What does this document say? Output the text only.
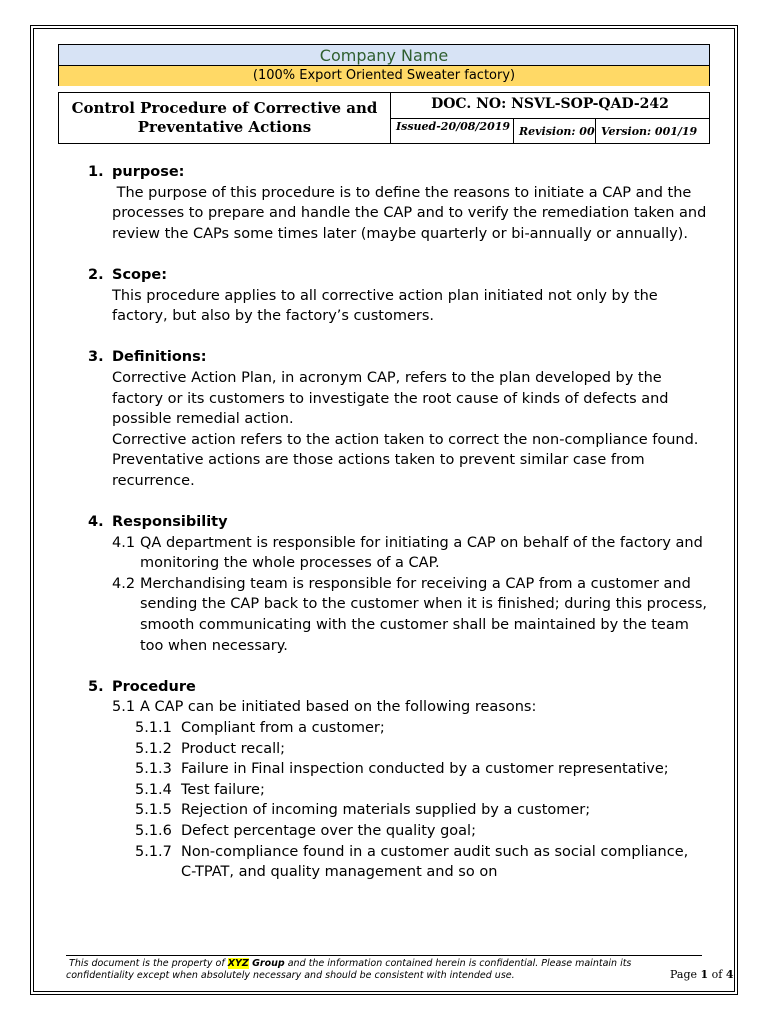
Company Name
(100% Export Oriented Sweater factory)
Control Procedure of Corrective and
Preventative Actions
DOC. NO: NSVL-SOP-QAD-242
Issued-20/08/2019 Revision: 00 Version: 001/19
1. purpose:
The purpose of this procedure is to define the reasons to initiate a CAP and the processes to prepare and handle the CAP and to verify the remediation taken and review the CAPs some times later (maybe quarterly or bi-annually or annually).
2. Scope:
This procedure applies to all corrective action plan initiated not only by the factory, but also by the factory’s customers.
3. Definitions:
Corrective Action Plan, in acronym CAP, refers to the plan developed by the factory or its customers to investigate the root cause of kinds of defects and possible remedial action.
Corrective action refers to the action taken to correct the non-compliance found.
Preventative actions are those actions taken to prevent similar case from recurrence.
4. Responsibility
4.1 QA department is responsible for initiating a CAP on behalf of the factory and monitoring the whole processes of a CAP.
4.2 Merchandising team is responsible for receiving a CAP from a customer and sending the CAP back to the customer when it is finished; during this process, smooth communicating with the customer shall be maintained by the team too when necessary.
5. Procedure
5.1 A CAP can be initiated based on the following reasons:
5.1.1 Compliant from a customer;
5.1.2 Product recall;
5.1.3 Failure in Final inspection conducted by a customer representative;
5.1.4 Test failure;
5.1.5 Rejection of incoming materials supplied by a customer;
5.1.6 Defect percentage over the quality goal;
5.1.7 Non-compliance found in a customer audit such as social compliance, C-TPAT, and quality management and so on
This document is the property of XYZ Group and the information contained herein is confidential. Please maintain its confidentiality except when absolutely necessary and should be consistent with intended use.	Page 1 of 4
